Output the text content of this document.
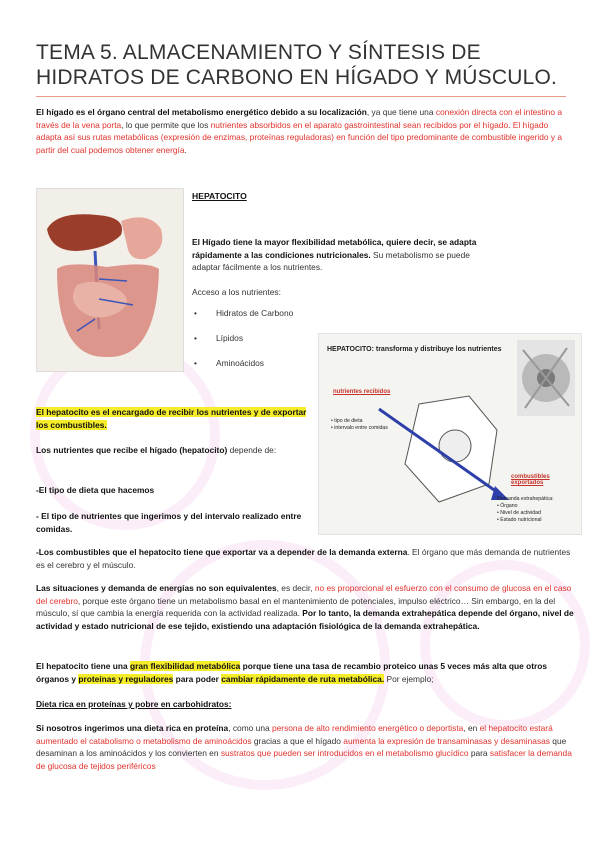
TEMA 5. ALMACENAMIENTO Y SÍNTESIS DE HIDRATOS DE CARBONO EN HÍGADO Y MÚSCULO.

El hígado es el órgano central del metabolismo energético debido a su localización, ya que tiene una conexión directa con el intestino a través de la vena porta, lo que permite que los nutrientes absorbidos en el aparato gastrointestinal sean recibidos por el hígado. El hígado adapta así sus rutas metabólicas (expresión de enzimas, proteínas reguladoras) en función del tipo predominante de combustible ingerido y a partir del cual podemos obtener energía.

HEPATOCITO

El Hígado tiene la mayor flexibilidad metabólica, quiere decir, se adapta rápidamente a las condiciones nutricionales. Su metabolismo se puede adaptar fácilmente a los nutrientes.

Acceso a los nutrientes:
• Hidratos de Carbono
• Lípidos
• Aminoácidos
HEPATOCITO: transforma y distribuye los nutrientes
nutrientes recibidos
• tipo de dieta
• intervalo entre comidas
combustibles exportados
Demanda extrahepática:
• Órgano
• Nivel de actividad
• Estado nutricional

El hepatocito es el encargado de recibir los nutrientes y de exportar los combustibles.

Los nutrientes que recibe el hígado (hepatocito) depende de:

-El tipo de dieta que hacemos

- El tipo de nutrientes que ingerimos y del intervalo realizado entre comidas.

-Los combustibles que el hepatocito tiene que exportar va a depender de la demanda externa. El órgano que más demanda de nutrientes es el cerebro y el músculo.

Las situaciones y demanda de energías no son equivalentes, es decir, no es proporcional el esfuerzo con el consumo de glucosa en el caso del cerebro, porque este órgano tiene un metabolismo basal en el mantenimiento de potenciales, impulso eléctrico… Sin embargo, en la del músculo, sí que cambia la energía requerida con la actividad realizada. Por lo tanto, la demanda extrahepática depende del órgano, nivel de actividad y estado nutricional de ese tejido, existiendo una adaptación fisiológica de la demanda extrahepática.

El hepatocito tiene una gran flexibilidad metabólica porque tiene una tasa de recambio proteico unas 5 veces más alta que otros órganos y proteínas y reguladores para poder cambiar rápidamente de ruta metabólica. Por ejemplo;

Dieta rica en proteínas y pobre en carbohidratos:

Si nosotros ingerimos una dieta rica en proteína, como una persona de alto rendimiento energético o deportista, en el hepatocito estará aumentado el catabolismo o metabolismo de aminoácidos gracias a que el hígado aumenta la expresión de transaminasas y desaminasas que desaminan a los aminoácidos y los convierten en sustratos que pueden ser introducidos en el metabolismo glucídico para satisfacer la demanda de glucosa de tejidos periféricos
